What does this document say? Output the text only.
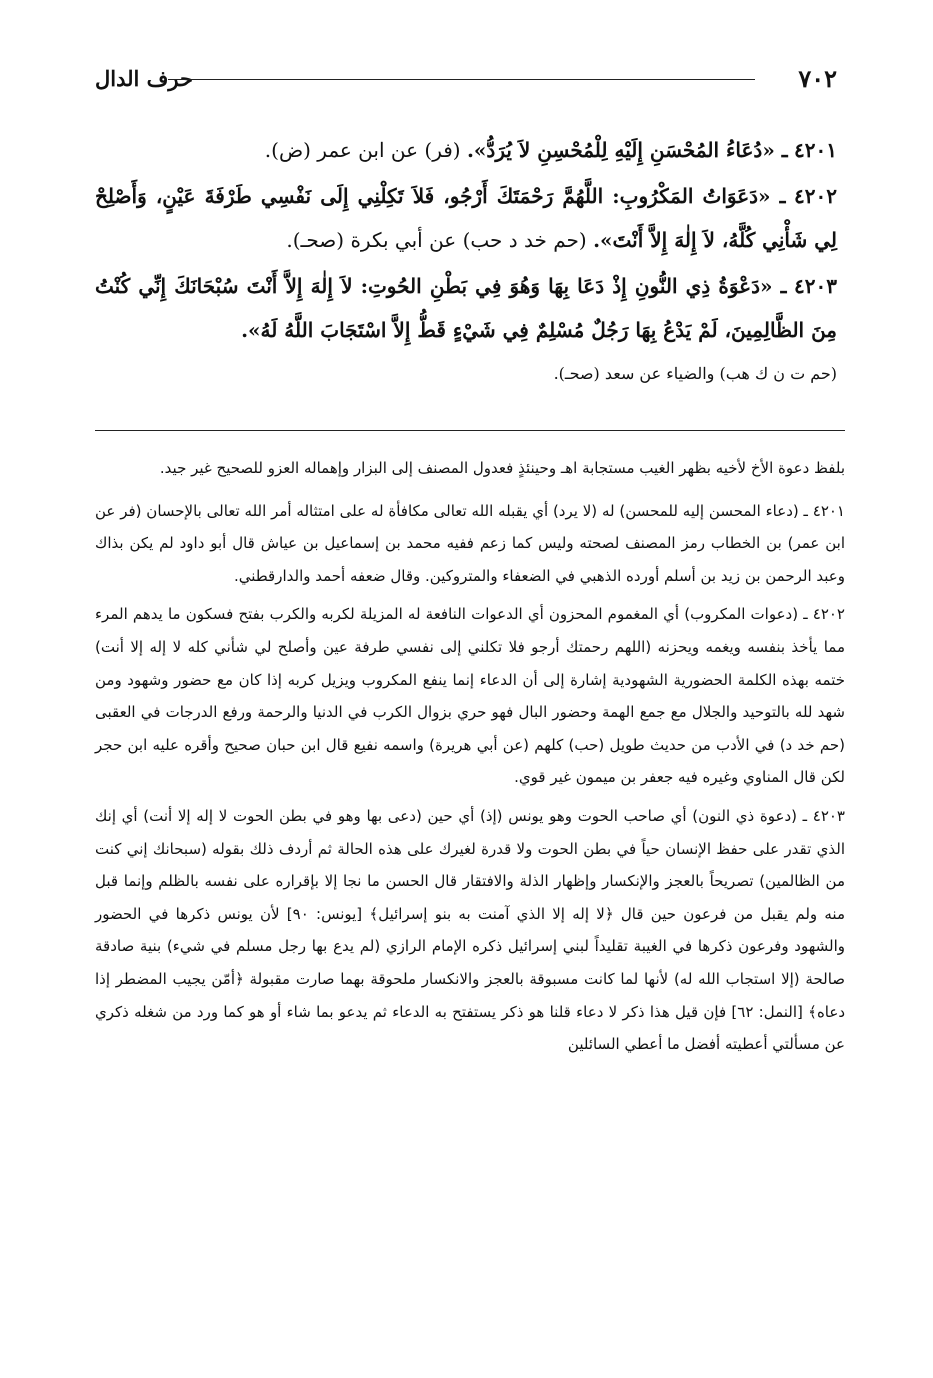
٧٠٢
حرف الدال

٤٢٠١ ـ «دُعَاءُ المُحْسَنِ إِلَيْهِ لِلْمُحْسِنِ لاَ يُرَدُّ». (فر) عن ابن عمر (ض).

٤٢٠٢ ـ «دَعَوَاتُ المَكْرُوبِ: اللَّهُمَّ رَحْمَتَكَ أَرْجُو، فَلاَ تَكِلْنِي إِلَى نَفْسِي طَرْفَةَ عَيْنٍ، وَأَصْلِحْ لِي شَأْنِي كُلَّهُ، لاَ إِلٰهَ إِلاَّ أَنْتَ». (حم خد د حب) عن أبي بكرة (صحـ).

٤٢٠٣ ـ «دَعْوَةُ ذِي النُّونِ إِذْ دَعَا بِهَا وَهُوَ فِي بَطْنِ الحُوتِ: لاَ إِلٰهَ إِلاَّ أَنْتَ سُبْحَانَكَ إِنِّي كُنْتُ مِنَ الظَّالِمِينَ، لَمْ يَدْعُ بِهَا رَجُلٌ مُسْلِمٌ فِي شَيْءٍ قَطُّ إِلاَّ اسْتَجَابَ اللَّهُ لَهُ».

(حم ت ن ك هب) والضياء عن سعد (صحـ).

بلفظ دعوة الأخ لأخيه بظهر الغيب مستجابة اهـ وحينئذٍ فعدول المصنف إلى البزار وإهماله العزو للصحيح غير جيد.

٤٢٠١ ـ (دعاء المحسن إليه للمحسن) له (لا يرد) أي يقبله الله تعالى مكافأة له على امتثاله أمر الله تعالى بالإحسان (فر عن ابن عمر) بن الخطاب رمز المصنف لصحته وليس كما زعم ففيه محمد بن إسماعيل بن عياش قال أبو داود لم يكن بذاك وعبد الرحمن بن زيد بن أسلم أورده الذهبي في الضعفاء والمتروكين. وقال ضعفه أحمد والدارقطني.

٤٢٠٢ ـ (دعوات المكروب) أي المغموم المحزون أي الدعوات النافعة له المزيلة لكربه والكرب بفتح فسكون ما يدهم المرء مما يأخذ بنفسه ويغمه ويحزنه (اللهم رحمتك أرجو فلا تكلني إلى نفسي طرفة عين وأصلح لي شأني كله لا إله إلا أنت) ختمه بهذه الكلمة الحضورية الشهودية إشارة إلى أن الدعاء إنما ينفع المكروب ويزيل كربه إذا كان مع حضور وشهود ومن شهد لله بالتوحيد والجلال مع جمع الهمة وحضور البال فهو حري بزوال الكرب في الدنيا والرحمة ورفع الدرجات في العقبى (حم خد د) في الأدب من حديث طويل (حب) كلهم (عن أبي هريرة) واسمه نفيع قال ابن حبان صحيح وأقره عليه ابن حجر لكن قال المناوي وغيره فيه جعفر بن ميمون غير قوي.

٤٢٠٣ ـ (دعوة ذي النون) أي صاحب الحوت وهو يونس (إذ) أي حين (دعى بها وهو في بطن الحوت لا إله إلا أنت) أي إنك الذي تقدر على حفظ الإنسان حياً في بطن الحوت ولا قدرة لغيرك على هذه الحالة ثم أردف ذلك بقوله (سبحانك إني كنت من الظالمين) تصريحاً بالعجز والإنكسار وإظهار الذلة والافتقار قال الحسن ما نجا إلا بإقراره على نفسه بالظلم وإنما قبل منه ولم يقبل من فرعون حين قال ﴿لا إله إلا الذي آمنت به بنو إسرائيل﴾ [يونس: ٩٠] لأن يونس ذكرها في الحضور والشهود وفرعون ذكرها في الغيبة تقليداً لبني إسرائيل ذكره الإمام الرازي (لم يدع بها رجل مسلم في شيء) بنية صادقة صالحة (إلا استجاب الله له) لأنها لما كانت مسبوقة بالعجز والانكسار ملحوقة بهما صارت مقبولة ﴿أمّن يجيب المضطر إذا دعاه﴾ [النمل: ٦٢] فإن قيل هذا ذكر لا دعاء قلنا هو ذكر يستفتح به الدعاء ثم يدعو بما شاء أو هو كما ورد من شغله ذكري عن مسألتي أعطيته أفضل ما أعطي السائلين
